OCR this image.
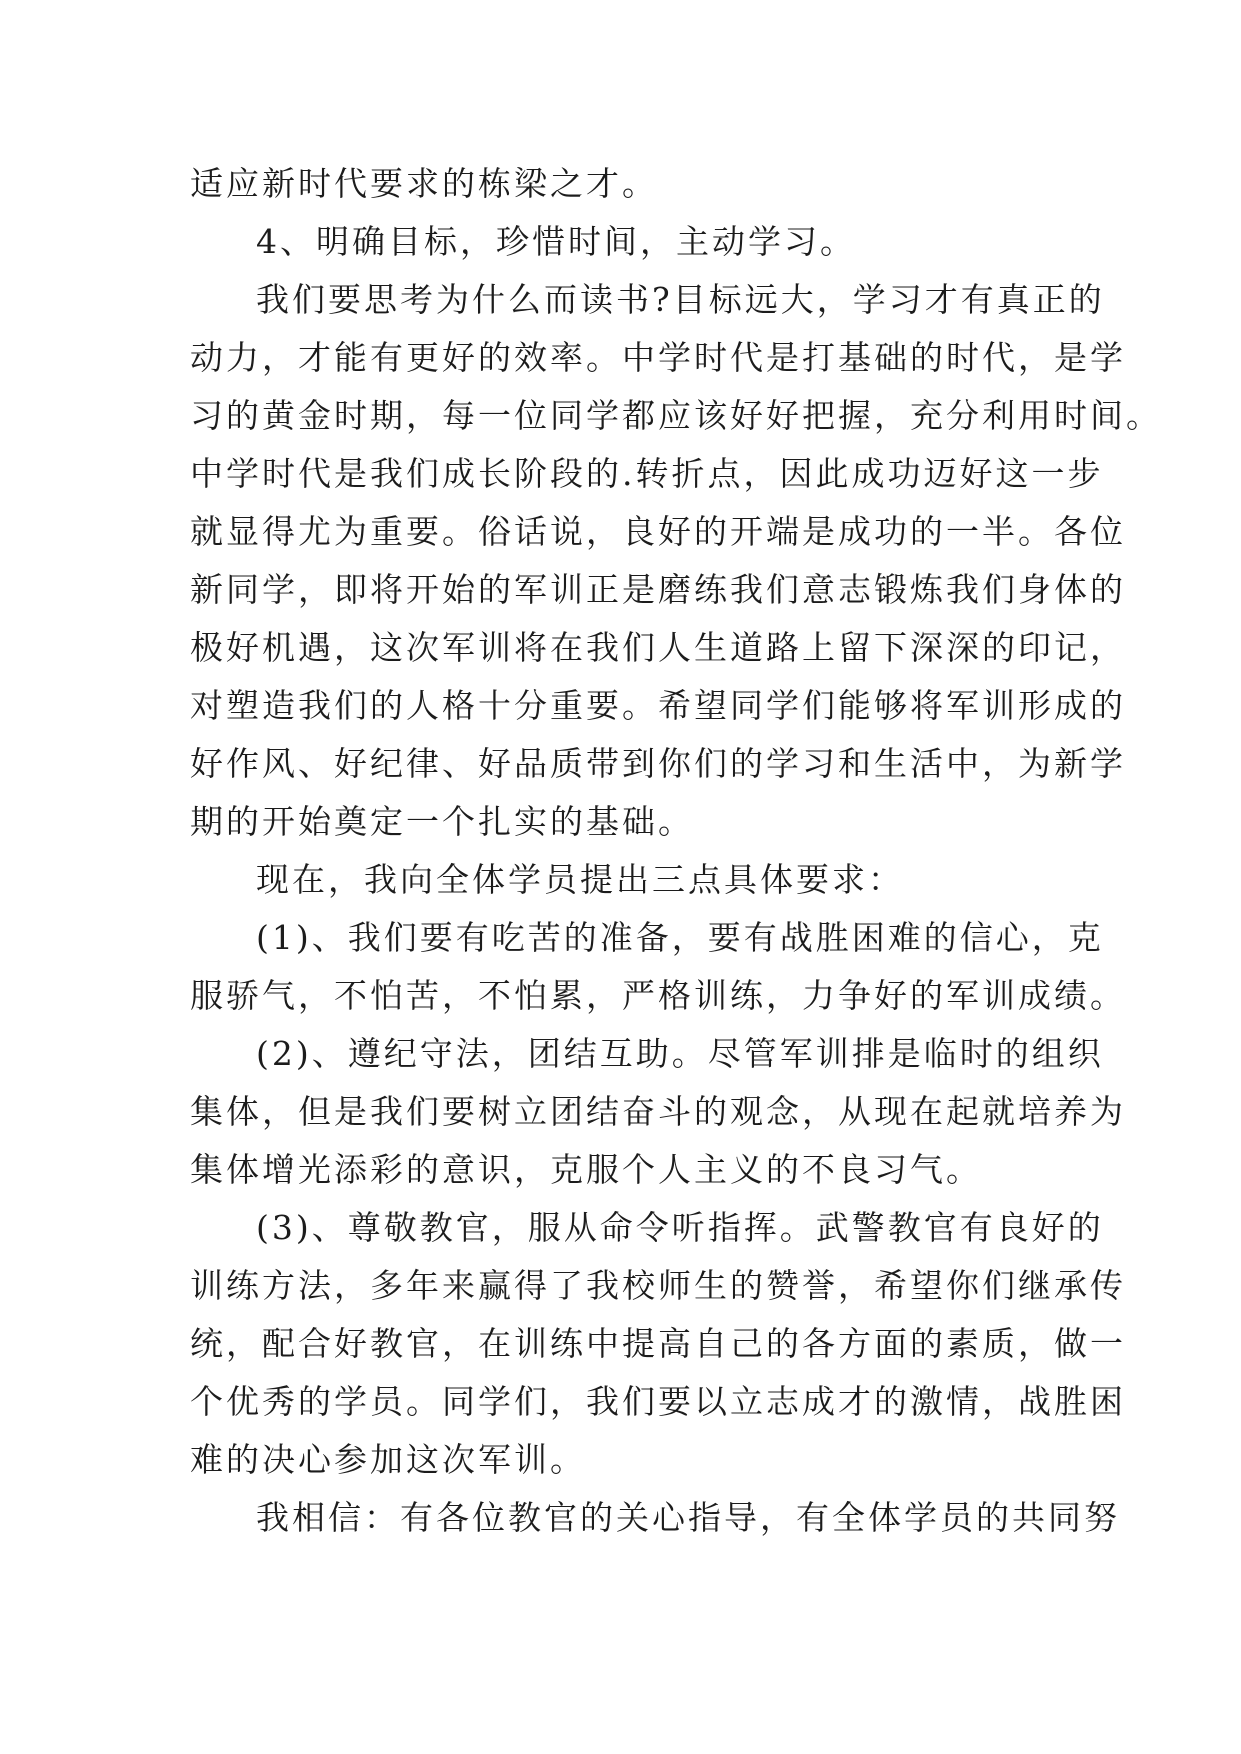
适应新时代要求的栋梁之才。
4、明确目标，珍惜时间，主动学习。
我们要思考为什么而读书?目标远大，学习才有真正的
动力，才能有更好的效率。中学时代是打基础的时代，是学
习的黄金时期，每一位同学都应该好好把握，充分利用时间。
中学时代是我们成长阶段的.转折点，因此成功迈好这一步
就显得尤为重要。俗话说，良好的开端是成功的一半。各位
新同学，即将开始的军训正是磨练我们意志锻炼我们身体的
极好机遇，这次军训将在我们人生道路上留下深深的印记，
对塑造我们的人格十分重要。希望同学们能够将军训形成的
好作风、好纪律、好品质带到你们的学习和生活中，为新学
期的开始奠定一个扎实的基础。
现在，我向全体学员提出三点具体要求：
(1)、我们要有吃苦的准备，要有战胜困难的信心，克
服骄气，不怕苦，不怕累，严格训练，力争好的军训成绩。
(2)、遵纪守法，团结互助。尽管军训排是临时的组织
集体，但是我们要树立团结奋斗的观念，从现在起就培养为
集体增光添彩的意识，克服个人主义的不良习气。
(3)、尊敬教官，服从命令听指挥。武警教官有良好的
训练方法，多年来赢得了我校师生的赞誉，希望你们继承传
统，配合好教官，在训练中提高自己的各方面的素质，做一
个优秀的学员。同学们，我们要以立志成才的激情，战胜困
难的决心参加这次军训。
我相信：有各位教官的关心指导，有全体学员的共同努
